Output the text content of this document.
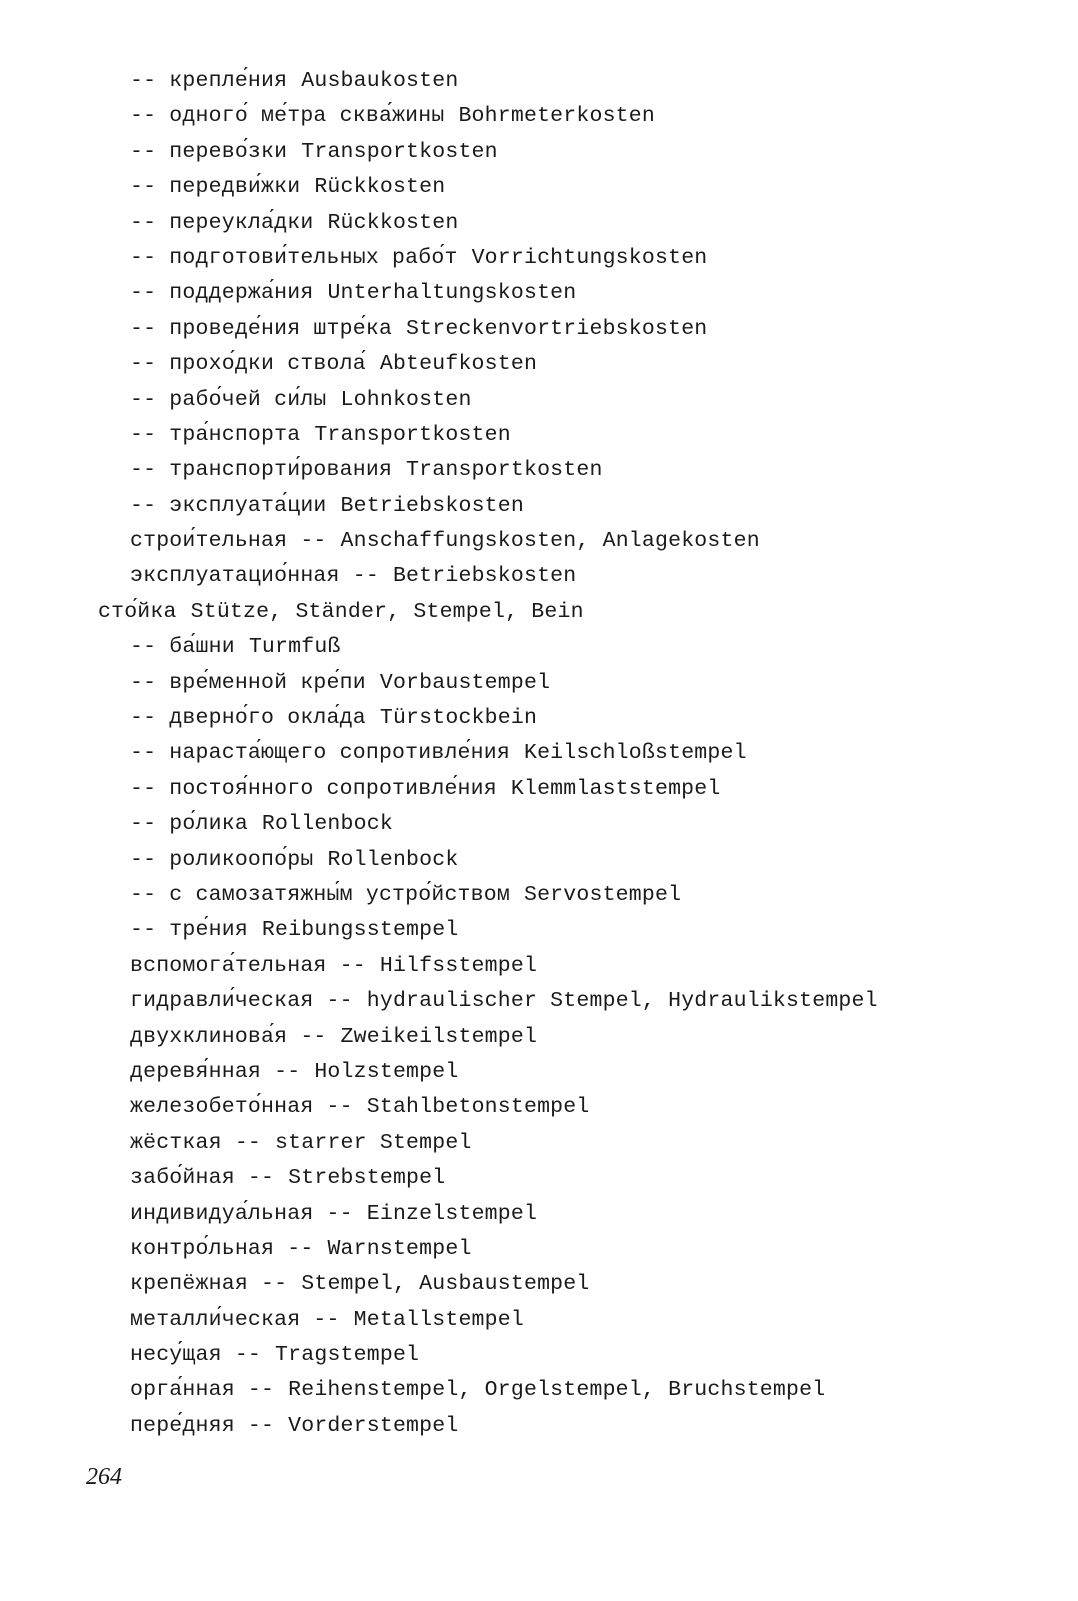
-- крепле́ния Ausbaukosten
-- одного́ ме́тра сква́жины Bohrmeterkosten
-- перево́зки Transportkosten
-- передви́жки Rückkosten
-- переукла́дки Rückkosten
-- подготови́тельных рабо́т Vorrichtungskosten
-- поддержа́ния Unterhaltungskosten
-- проведе́ния штре́ка Streckenvortriebskosten
-- прохо́дки ствола́ Abteufkosten
-- рабо́чей си́лы Lohnkosten
-- тра́нспорта Transportkosten
-- транспорти́рования Transportkosten
-- эксплуата́ции Betriebskosten
строи́тельная -- Anschaffungskosten, Anlagekosten
эксплуатацио́нная -- Betriebskosten
сто́йка Stütze, Ständer, Stempel, Bein
-- ба́шни Turmfuß
-- вре́менной кре́пи Vorbaustempel
-- дверно́го окла́да Türstockbein
-- нараста́ющего сопротивле́ния Keilschloßstempel
-- постоя́нного сопротивле́ния Klemmlaststempel
-- ро́лика Rollenbock
-- роликоопо́ры Rollenbock
-- с самозатяжны́м устро́йством Servostempel
-- тре́ния Reibungsstempel
вспомога́тельная -- Hilfsstempel
гидравли́ческая -- hydraulischer Stempel, Hydraulikstempel
двухклинова́я -- Zweikeilstempel
деревя́нная -- Holzstempel
железобето́нная -- Stahlbetonstempel
жёсткая -- starrer Stempel
забо́йная -- Strebstempel
индивидуа́льная -- Einzelstempel
контро́льная -- Warnstempel
крепёжная -- Stempel, Ausbaustempel
металли́ческая -- Metallstempel
несу́щая -- Tragstempel
орга́нная -- Reihenstempel, Orgelstempel, Bruchstempel
пере́дняя -- Vorderstempel
264
